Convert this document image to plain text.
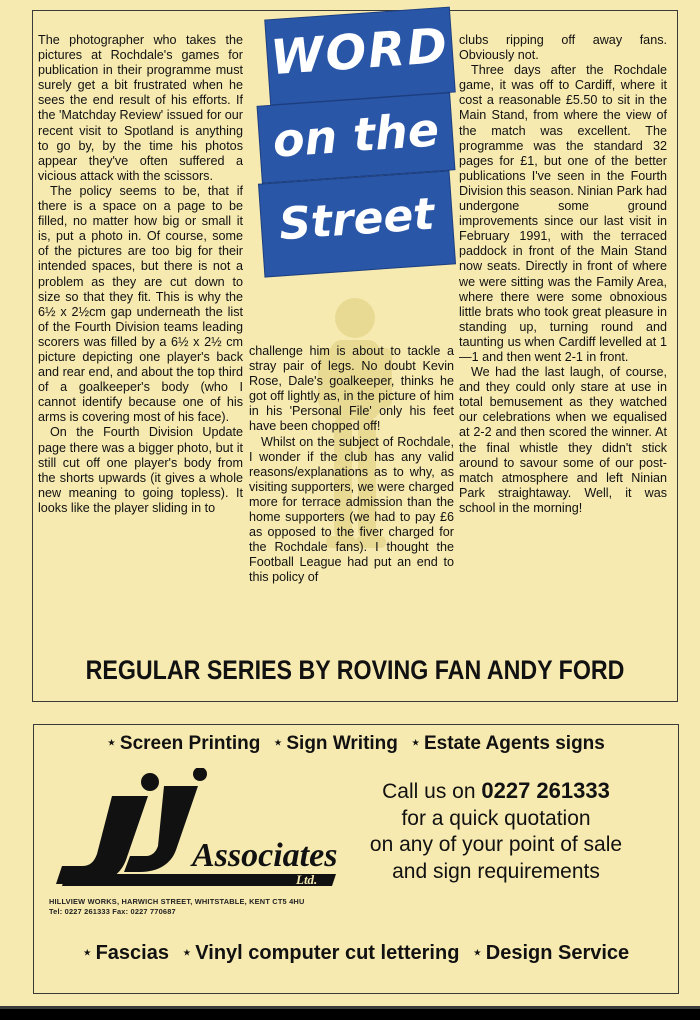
The photographer who takes the pictures at Rochdale's games for publication in their programme must surely get a bit frustrated when he sees the end result of his efforts. If the 'Matchday Review' issued for our recent visit to Spotland is anything to go by, by the time his photos appear they've often suffered a vicious attack with the scissors.

The policy seems to be, that if there is a space on a page to be filled, no matter how big or small it is, put a photo in. Of course, some of the pictures are too big for their intended spaces, but there is not a problem as they are cut down to size so that they fit. This is why the 6½ x 2½cm gap underneath the list of the Fourth Division teams leading scorers was filled by a 6½ x 2½ cm picture depicting one player's back and rear end, and about the top third of a goalkeeper's body (who I cannot identify because one of his arms is covering most of his face).

On the Fourth Division Update page there was a bigger photo, but it still cut off one player's body from the shorts upwards (it gives a whole new meaning to going topless). It looks like the player sliding in to

WORD
on the
Street

challenge him is about to tackle a stray pair of legs. No doubt Kevin Rose, Dale's goalkeeper, thinks he got off lightly as, in the picture of him in his 'Personal File' only his feet have been chopped off!

Whilst on the subject of Rochdale, I wonder if the club has any valid reasons/explanations as to why, as visiting supporters, we were charged more for terrace admission than the home supporters (we had to pay £6 as opposed to the fiver charged for the Rochdale fans). I thought the Football League had put an end to this policy of

clubs ripping off away fans. Obviously not.

Three days after the Rochdale game, it was off to Cardiff, where it cost a reasonable £5.50 to sit in the Main Stand, from where the view of the match was excellent. The programme was the standard 32 pages for £1, but one of the better publications I've seen in the Fourth Division this season. Ninian Park had undergone some ground improvements since our last visit in February 1991, with the terraced paddock in front of the Main Stand now seats. Directly in front of where we were sitting was the Family Area, where there were some obnoxious little brats who took great pleasure in standing up, turning round and taunting us when Cardiff levelled at 1—1 and then went 2-1 in front.

We had the last laugh, of course, and they could only stare at use in total bemusement as they watched our celebrations when we equalised at 2-2 and then scored the winner. At the final whistle they didn't stick around to savour some of our post-match atmosphere and left Ninian Park straightaway. Well, it was school in the morning!

REGULAR SERIES BY ROVING FAN ANDY FORD
⋆ Screen Printing ⋆ Sign Writing ⋆ Estate Agents signs
Associates
Ltd.
Call us on 0227 261333
for a quick quotation
on any of your point of sale
and sign requirements
HILLVIEW WORKS, HARWICH STREET, WHITSTABLE, KENT CT5 4HU
Tel: 0227 261333 Fax: 0227 770687
⋆ Fascias ⋆ Vinyl computer cut lettering ⋆ Design Service
